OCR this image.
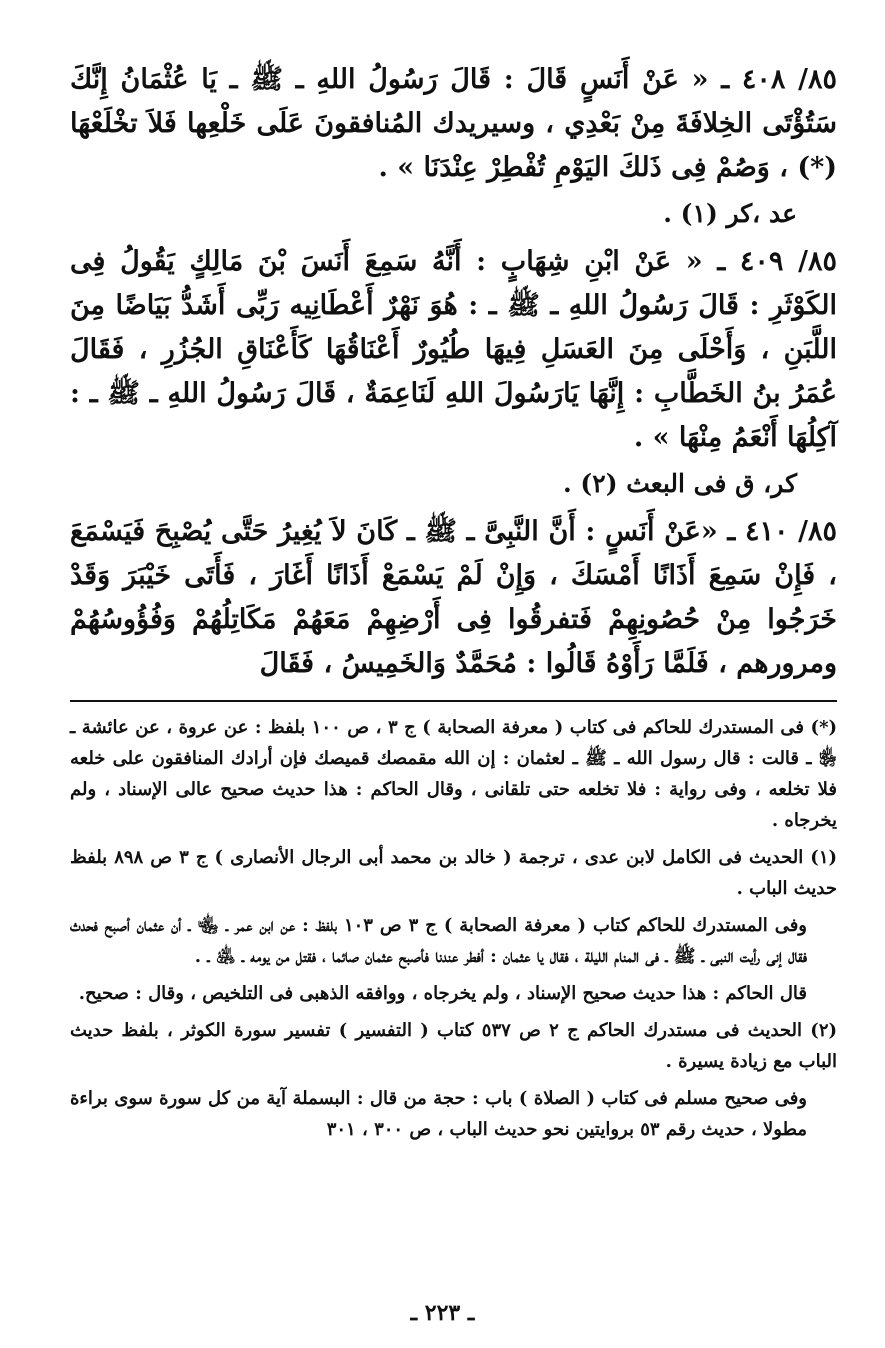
٨٥/ ٤٠٨ ـ « عَنْ أَنَسٍ قَالَ : قَالَ رَسُولُ اللهِ ـ ﷺ ـ يَا عُثْمَانُ إِنَّكَ سَتُؤْتَى الخِلافَةَ مِنْ بَعْدِي ، وسيريدك المُنافقونَ عَلَى خَلْعِها فَلاَ تخْلَعْهَا (*) ، وَصُمْ فِى ذَلكَ اليَوْمِ تُفْطِرْ عِنْدَنَا » .

عد ،كر (١) .

٨٥/ ٤٠٩ ـ « عَنْ ابْنِ شِهَابٍ : أَنَّهُ سَمِعَ أَنَسَ بْنَ مَالِكٍ يَقُولُ فِى الكَوْثَرِ : قَالَ رَسُولُ اللهِ ـ ﷺ ـ : هُوَ نَهْرٌ أَعْطَانِيه رَبِّى أَشَدُّ بَيَاضًا مِنَ اللَّبَنِ ، وَأَحْلَى مِنَ العَسَلِ فِيهَا طُيُورٌ أَعْنَاقُهَا كَأَعْنَاقِ الجُزُرِ ، فَقَالَ عُمَرُ بنُ الخَطَّابِ : إِنَّهَا يَارَسُولَ اللهِ لَنَاعِمَةٌ ، قَالَ رَسُولُ اللهِ ـ ﷺ ـ : آكِلُهَا أَنْعَمُ مِنْهَا » .

كر، ق فى البعث (٢) .

٨٥/ ٤١٠ ـ «عَنْ أَنَسٍ : أَنَّ النَّبِىَّ ـ ﷺ ـ كَانَ لاَ يُغِيرُ حَتَّى يُصْبِحَ فَيَسْمَعَ ، فَإِنْ سَمِعَ أَذَانًا أَمْسَكَ ، وَإِنْ لَمْ يَسْمَعْ أَذَانًا أَغَارَ ، فَأَتَى خَيْبَرَ وَقَدْ خَرَجُوا مِنْ حُصُونِهِمْ فَتفرقُوا فِى أَرْضِهِمْ مَعَهُمْ مَكَاتِلُهُمْ وَفُؤُوسُهُمْ ومرورهم ، فَلَمَّا رَأَوْهُ قَالُوا : مُحَمَّدٌ وَالخَمِيسُ ، فَقَالَ

(*) فى المستدرك للحاكم فى كتاب ( معرفة الصحابة ) ج ٣ ، ص ١٠٠ بلفظ : عن عروة ، عن عائشة ـ ﵂ ـ قالت : قال رسول الله ـ ﷺ ـ لعثمان : إن الله مقمصك قميصك فإن أرادك المنافقون على خلعه فلا تخلعه ، وفى رواية : فلا تخلعه حتى تلقانى ، وقال الحاكم : هذا حديث صحيح عالى الإسناد ، ولم يخرجاه .

(١) الحديث فى الكامل لابن عدى ، ترجمة ( خالد بن محمد أبى الرجال الأنصارى ) ج ٣ ص ٨٩٨ بلفظ حديث الباب .

وفى المستدرك للحاكم كتاب ( معرفة الصحابة ) ج ٣ ص ١٠٣ بلفظ : عن ابن عمر ـ ﵄ ـ أن عثمان أصبح فحدث فقال إنى رأيت النبى ـ ﷺ ـ فى المنام الليلة ، فقال يا عثمان : أفطر عندنا فأصبح عثمان صائما ، فقتل من يومه ـ ﵁ ـ .

قال الحاكم : هذا حديث صحيح الإسناد ، ولم يخرجاه ، ووافقه الذهبى فى التلخيص ، وقال : صحيح.

(٢) الحديث فى مستدرك الحاكم ج ٢ ص ٥٣٧ كتاب ( التفسير ) تفسير سورة الكوثر ، بلفظ حديث الباب مع زيادة يسيرة .

وفى صحيح مسلم فى كتاب ( الصلاة ) باب : حجة من قال : البسملة آية من كل سورة سوى براءة مطولا ، حديث رقم ٥٣ بروايتين نحو حديث الباب ، ص ٣٠٠ ، ٣٠١

ـ ٢٢٣ ـ
